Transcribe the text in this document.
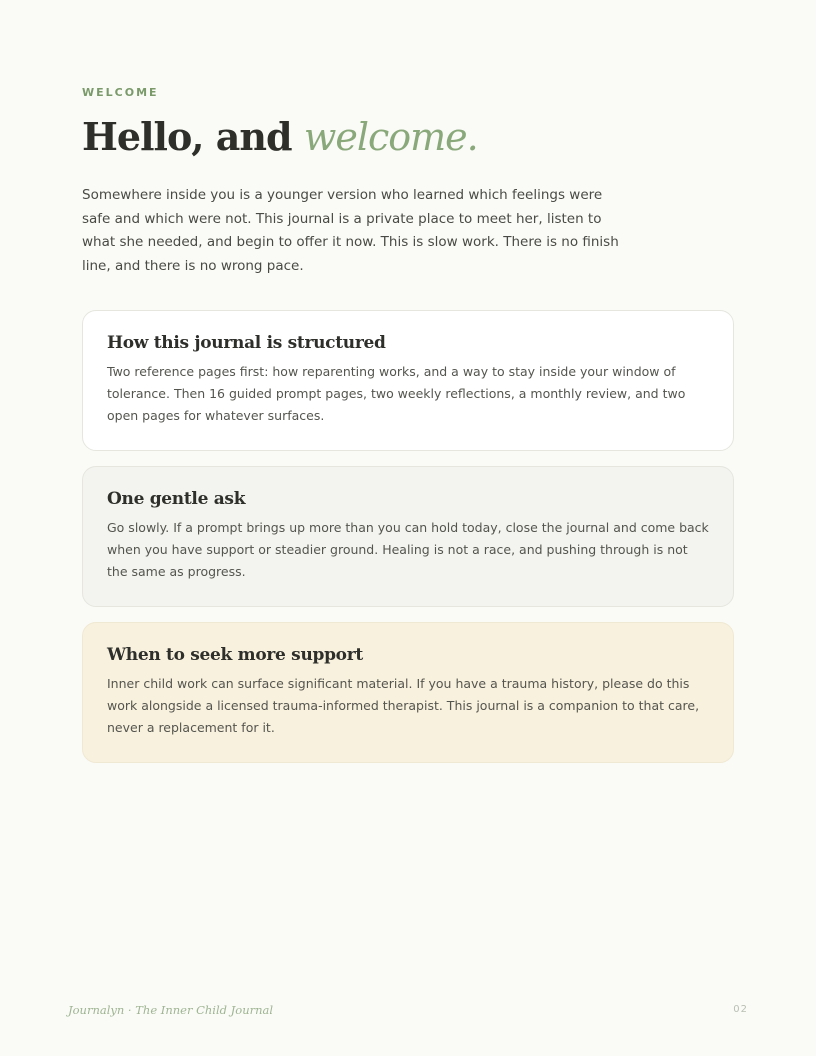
WELCOME
Hello, and welcome.

Somewhere inside you is a younger version who learned which feelings were safe and which were not. This journal is a private place to meet her, listen to what she needed, and begin to offer it now. This is slow work. There is no finish line, and there is no wrong pace.

How this journal is structured

Two reference pages first: how reparenting works, and a way to stay inside your window of tolerance. Then 16 guided prompt pages, two weekly reflections, a monthly review, and two open pages for whatever surfaces.

One gentle ask

Go slowly. If a prompt brings up more than you can hold today, close the journal and come back when you have support or steadier ground. Healing is not a race, and pushing through is not the same as progress.

When to seek more support

Inner child work can surface significant material. If you have a trauma history, please do this work alongside a licensed trauma-informed therapist. This journal is a companion to that care, never a replacement for it.

Journalyn · The Inner Child Journal	02
